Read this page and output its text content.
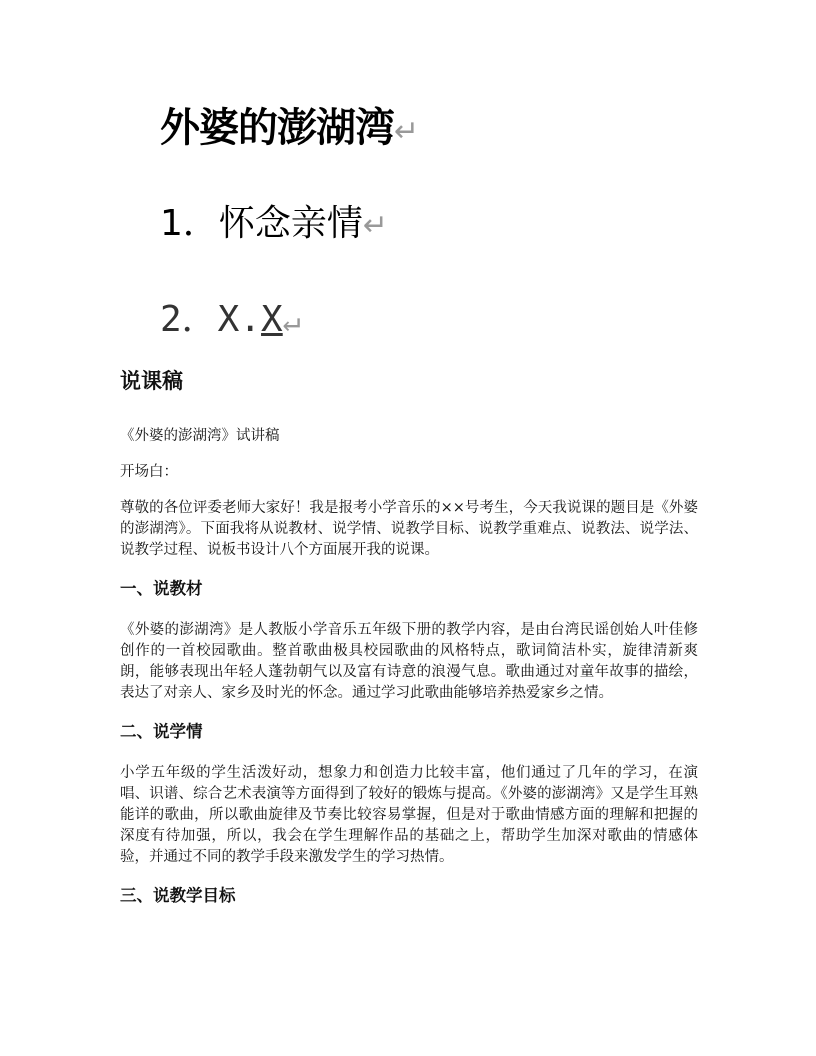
外婆的澎湖湾↵
1．怀念亲情↵
2．X.X↵
说课稿

《外婆的澎湖湾》试讲稿

开场白：

尊敬的各位评委老师大家好！我是报考小学音乐的××号考生，今天我说课的题目是《外婆的澎湖湾》。下面我将从说教材、说学情、说教学目标、说教学重难点、说教法、说学法、说教学过程、说板书设计八个方面展开我的说课。

一、说教材

《外婆的澎湖湾》是人教版小学音乐五年级下册的教学内容，是由台湾民谣创始人叶佳修创作的一首校园歌曲。整首歌曲极具校园歌曲的风格特点，歌词简洁朴实，旋律清新爽朗，能够表现出年轻人蓬勃朝气以及富有诗意的浪漫气息。歌曲通过对童年故事的描绘，表达了对亲人、家乡及时光的怀念。通过学习此歌曲能够培养热爱家乡之情。

二、说学情

小学五年级的学生活泼好动，想象力和创造力比较丰富，他们通过了几年的学习，在演唱、识谱、综合艺术表演等方面得到了较好的锻炼与提高。《外婆的澎湖湾》又是学生耳熟能详的歌曲，所以歌曲旋律及节奏比较容易掌握，但是对于歌曲情感方面的理解和把握的深度有待加强，所以，我会在学生理解作品的基础之上，帮助学生加深对歌曲的情感体验，并通过不同的教学手段来激发学生的学习热情。

三、说教学目标
